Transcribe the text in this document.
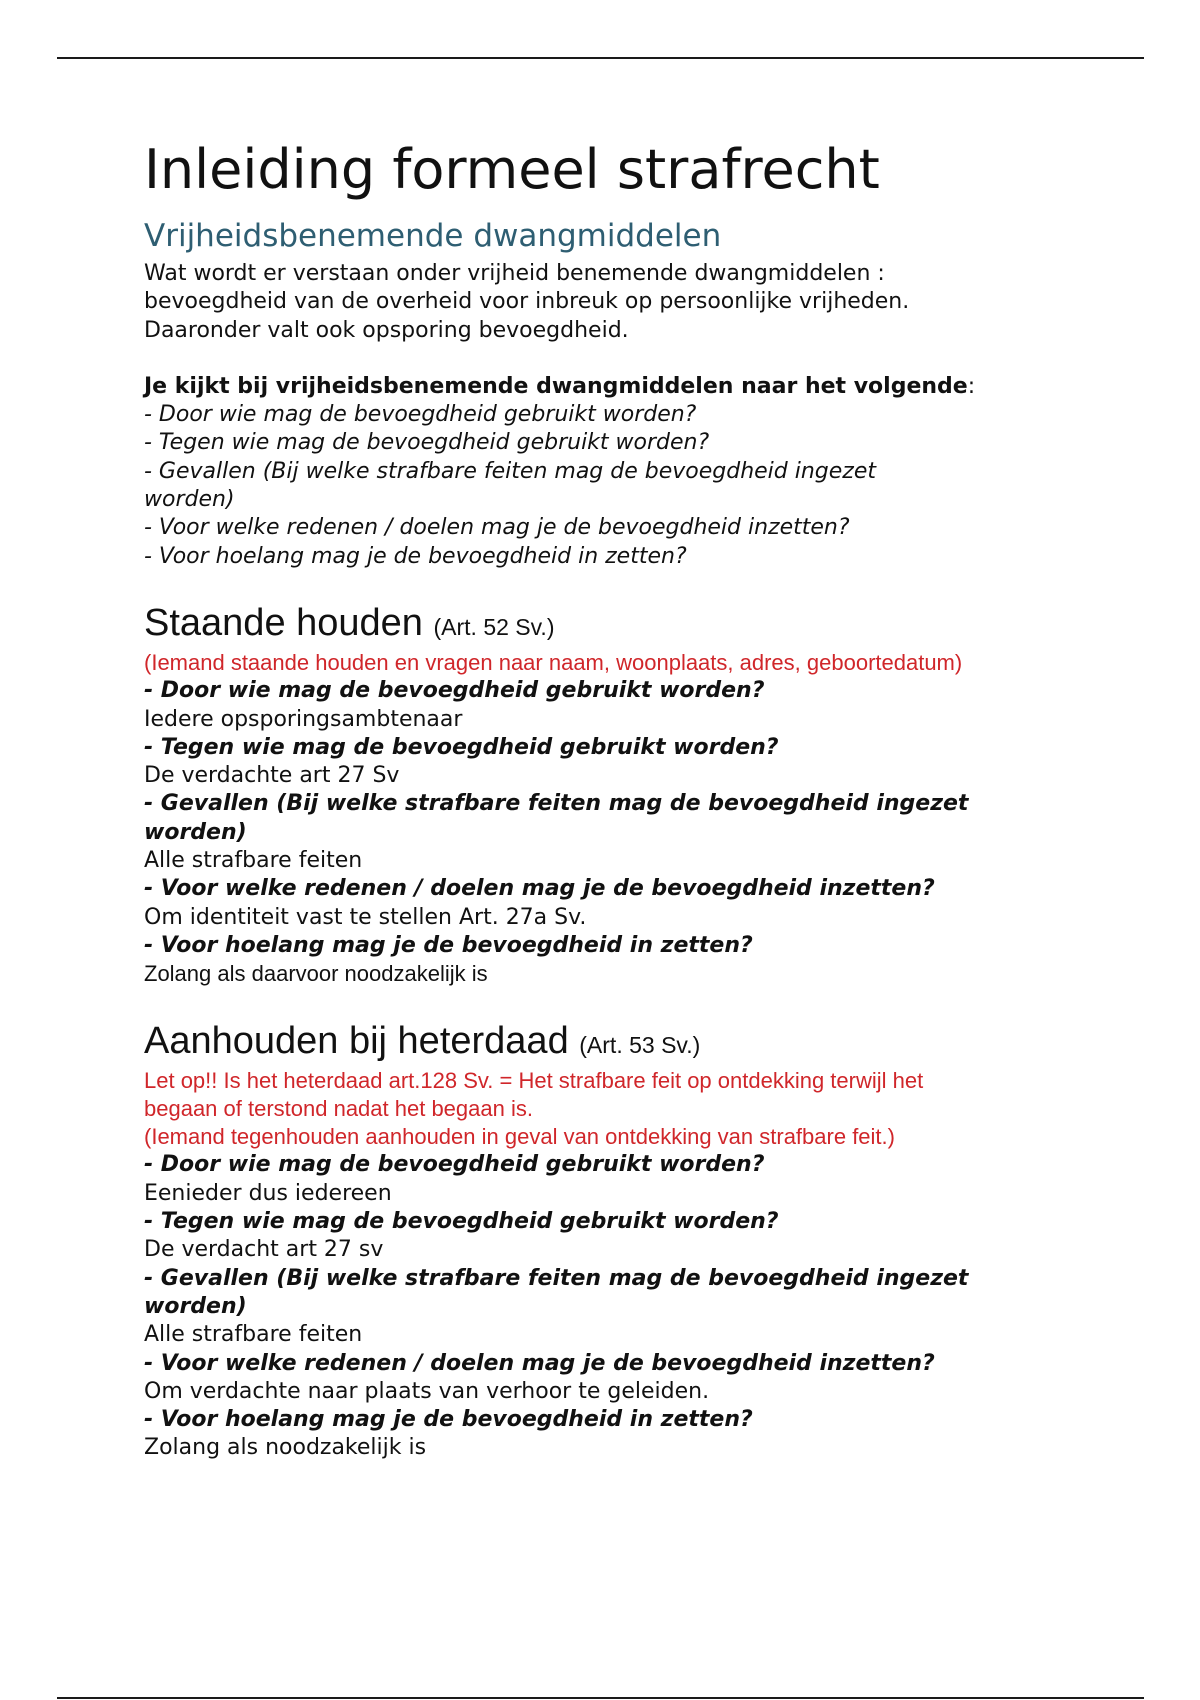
Inleiding formeel strafrecht
Vrijheidsbenemende dwangmiddelen
Wat wordt er verstaan onder vrijheid benemende dwangmiddelen :
bevoegdheid van de overheid voor inbreuk op persoonlijke vrijheden.
Daaronder valt ook opsporing bevoegdheid.
Je kijkt bij vrijheidsbenemende dwangmiddelen naar het volgende:
- Door wie mag de bevoegdheid gebruikt worden?
- Tegen wie mag de bevoegdheid gebruikt worden?
- Gevallen (Bij welke strafbare feiten mag de bevoegdheid ingezet
worden)
- Voor welke redenen / doelen mag je de bevoegdheid inzetten?
- Voor hoelang mag je de bevoegdheid in zetten?
Staande houden (Art. 52 Sv.)
(Iemand staande houden en vragen naar naam, woonplaats, adres, geboortedatum)
- Door wie mag de bevoegdheid gebruikt worden?
Iedere opsporingsambtenaar
- Tegen wie mag de bevoegdheid gebruikt worden?
De verdachte art 27 Sv
- Gevallen (Bij welke strafbare feiten mag de bevoegdheid ingezet
worden)
Alle strafbare feiten
- Voor welke redenen / doelen mag je de bevoegdheid inzetten?
Om identiteit vast te stellen Art. 27a Sv.
- Voor hoelang mag je de bevoegdheid in zetten?
Zolang als daarvoor noodzakelijk is
Aanhouden bij heterdaad (Art. 53 Sv.)
Let op!! Is het heterdaad art.128 Sv. = Het strafbare feit op ontdekking terwijl het
begaan of terstond nadat het begaan is.
(Iemand tegenhouden aanhouden in geval van ontdekking van strafbare feit.)
- Door wie mag de bevoegdheid gebruikt worden?
Eenieder dus iedereen
- Tegen wie mag de bevoegdheid gebruikt worden?
De verdacht art 27 sv
- Gevallen (Bij welke strafbare feiten mag de bevoegdheid ingezet
worden)
Alle strafbare feiten
- Voor welke redenen / doelen mag je de bevoegdheid inzetten?
Om verdachte naar plaats van verhoor te geleiden.
- Voor hoelang mag je de bevoegdheid in zetten?
Zolang als noodzakelijk is
